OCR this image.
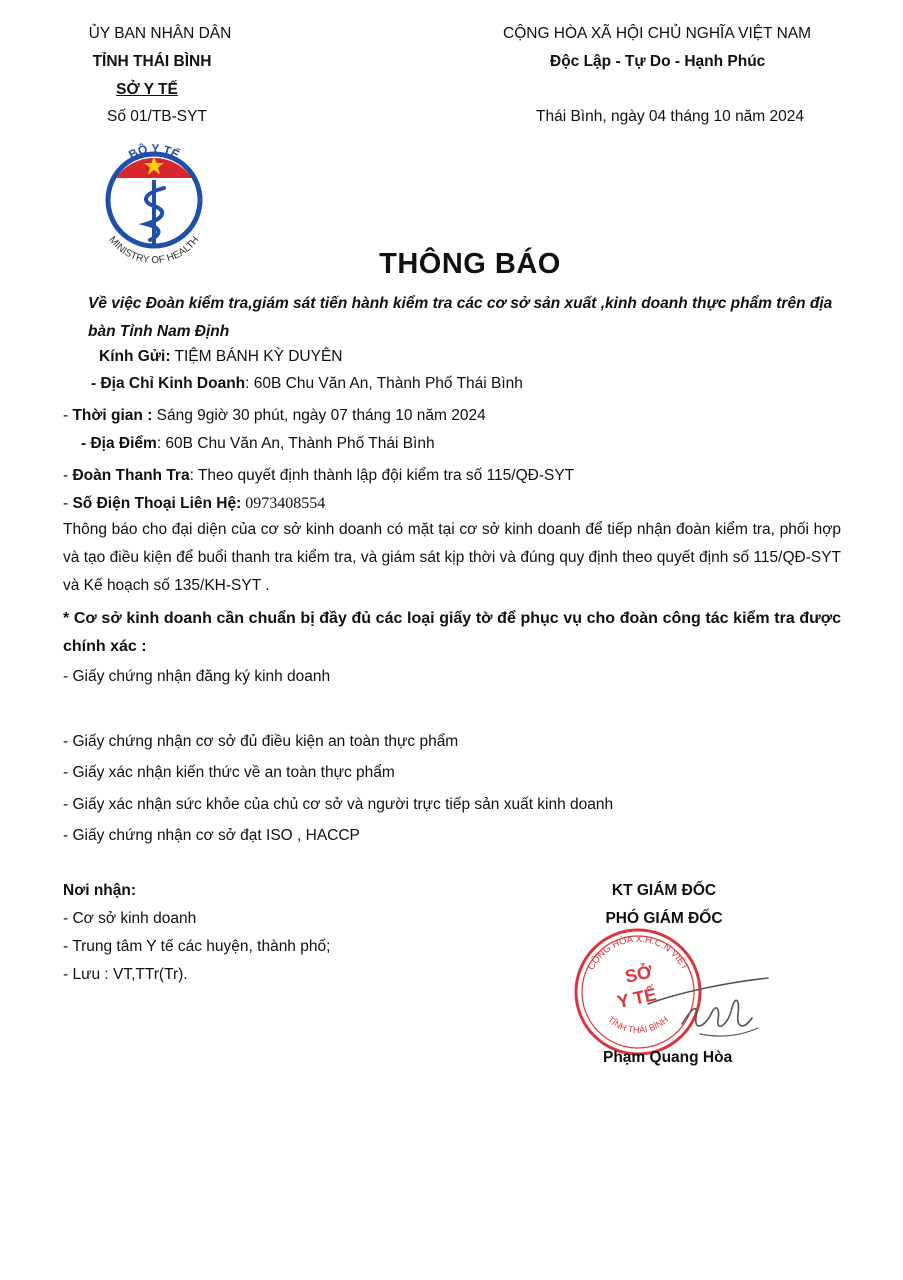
ỦY BAN NHÂN DÂN
TỈNH THÁI BÌNH
SỞ Y TẾ
Số 01/TB-SYT
CỘNG HÒA XÃ HỘI CHỦ NGHĨA VIỆT NAM
Độc Lập - Tự Do - Hạnh Phúc
Thái Bình, ngày 04 tháng 10 năm 2024
BỘ Y TẾ
MINISTRY OF HEALTH
THÔNG BÁO
Về việc Đoàn kiểm tra,giám sát tiến hành kiểm tra các cơ sở sản xuất ,kinh doanh thực phẩm trên địa bàn Tỉnh Nam Định
Kính Gửi: TIỆM BÁNH KỲ DUYÊN
- Địa Chỉ Kinh Doanh: 60B Chu Văn An, Thành Phố Thái Bình
- Thời gian : Sáng 9giờ 30 phút, ngày 07 tháng 10 năm 2024
- Địa Điểm: 60B Chu Văn An, Thành Phố Thái Bình
- Đoàn Thanh Tra: Theo quyết định thành lập đội kiểm tra số 115/QĐ-SYT
- Số Điện Thoại Liên Hệ: 0973408554
Thông báo cho đại diện của cơ sở kinh doanh có mặt tại cơ sở kinh doanh để tiếp nhận đoàn kiểm tra, phối hợp và tạo điều kiện để buổi thanh tra kiểm tra, và giám sát kịp thời và đúng quy định theo quyết định số 115/QĐ-SYT và Kế hoạch số 135/KH-SYT .
* Cơ sở kinh doanh cần chuẩn bị đầy đủ các loại giấy tờ để phục vụ cho đoàn công tác kiểm tra được chính xác :
- Giấy chứng nhận đăng ký kinh doanh
- Giấy chứng nhận cơ sở đủ điều kiện an toàn thực phẩm
- Giấy xác nhận kiến thức về an toàn thực phẩm
- Giấy xác nhận sức khỏe của chủ cơ sở và người trực tiếp sản xuất kinh doanh
- Giấy chứng nhận cơ sở đạt ISO , HACCP
Nơi nhận:
- Cơ sở kinh doanh
- Trung tâm Y tế các huyện, thành phố;
- Lưu : VT,TTr(Tr).
KT GIÁM ĐỐC
PHÓ GIÁM ĐỐC
CỘNG HÒA X.H.C.N VIỆT
TỈNH THÁI BÌNH
SỞ
Y TẾ
Phạm Quang Hòa
